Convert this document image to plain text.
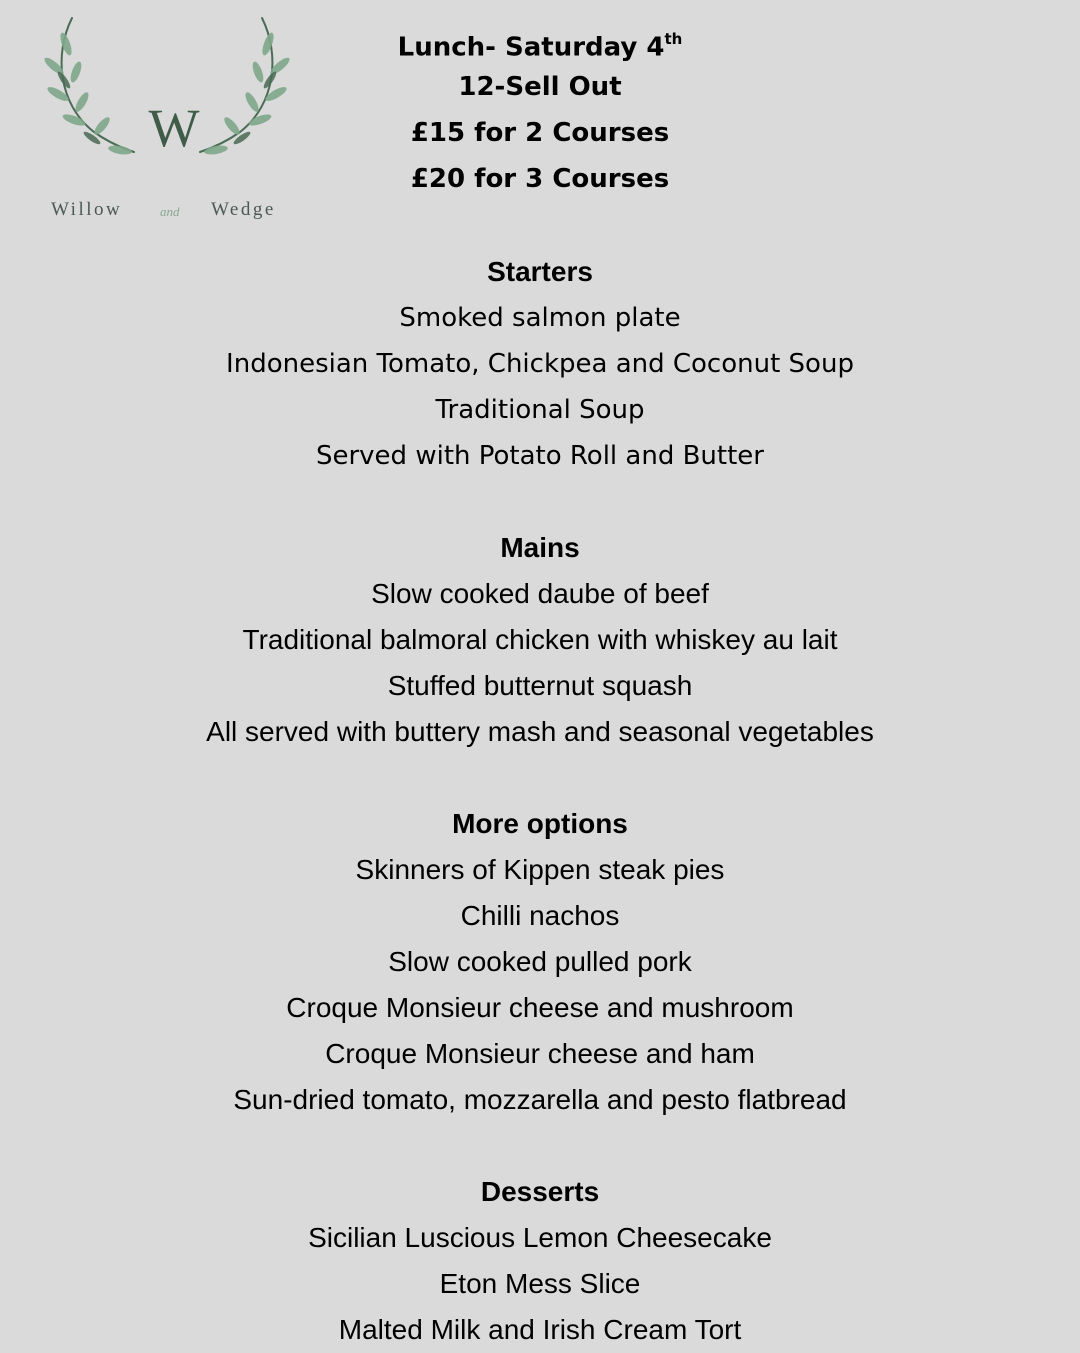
W
Willow	and Wedge
Lunch- Saturday 4th
12-Sell Out
£15 for 2 Courses
£20 for 3 Courses
Starters
Smoked salmon plate
Indonesian Tomato, Chickpea and Coconut Soup
Traditional Soup
Served with Potato Roll and Butter
Mains
Slow cooked daube of beef
Traditional balmoral chicken with whiskey au lait
Stuffed butternut squash
All served with buttery mash and seasonal vegetables
More options
Skinners of Kippen steak pies
Chilli nachos
Slow cooked pulled pork
Croque Monsieur cheese and mushroom
Croque Monsieur cheese and ham
Sun-dried tomato, mozzarella and pesto flatbread
Desserts
Sicilian Luscious Lemon Cheesecake
Eton Mess Slice
Malted Milk and Irish Cream Tort
